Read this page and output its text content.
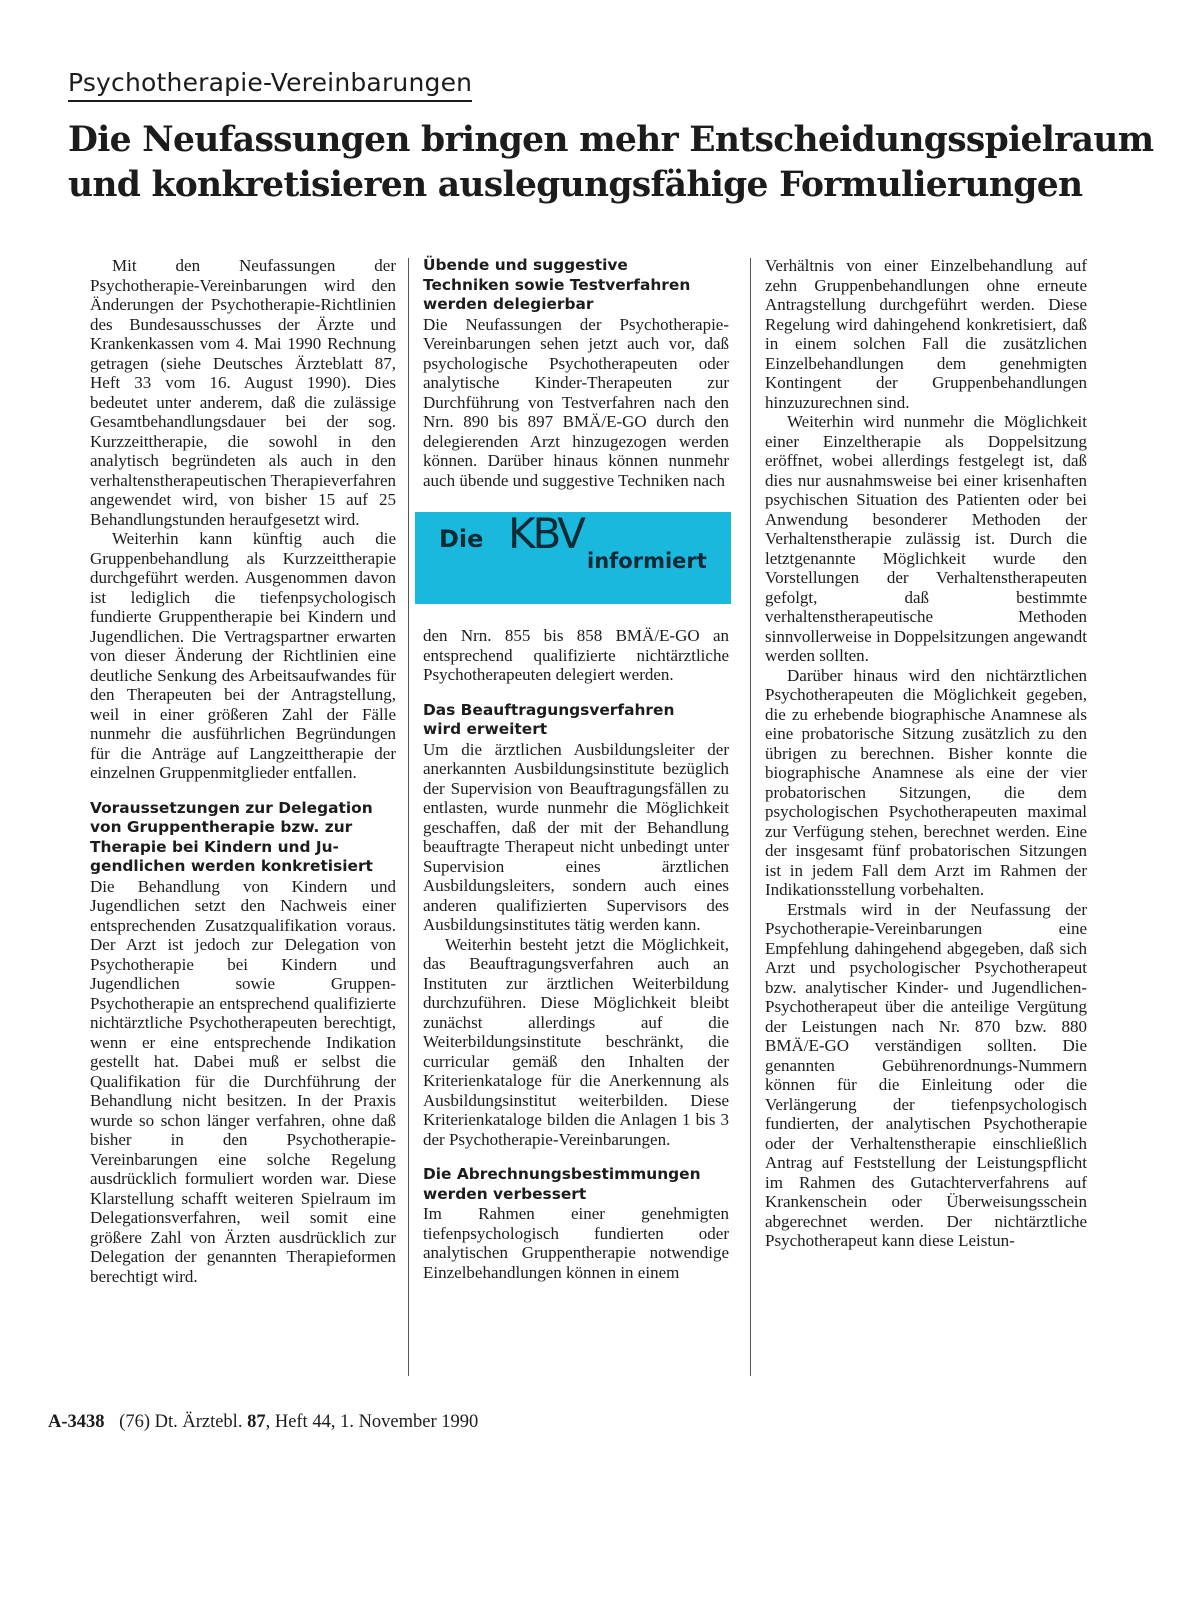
Psychotherapie-Vereinbarungen
Die Neufassungen bringen mehr Entscheidungsspielraum
und konkretisieren auslegungsfähige Formulierungen

Mit den Neufassungen der Psychotherapie-Vereinbarungen wird den Änderungen der Psychotherapie-Richtlinien des Bundesausschusses der Ärzte und Krankenkassen vom 4. Mai 1990 Rechnung getragen (siehe Deutsches Ärzteblatt 87, Heft 33 vom 16. August 1990). Dies bedeutet unter anderem, daß die zulässige Gesamtbehandlungsdauer bei der sog. Kurzzeittherapie, die sowohl in den analytisch begründeten als auch in den verhaltenstherapeutischen Therapieverfahren angewendet wird, von bisher 15 auf 25 Behandlungstunden heraufgesetzt wird.

Weiterhin kann künftig auch die Gruppenbehandlung als Kurzzeittherapie durchgeführt werden. Ausgenommen davon ist lediglich die tiefenpsychologisch fundierte Gruppentherapie bei Kindern und Jugendlichen. Die Vertragspartner erwarten von dieser Änderung der Richtlinien eine deutliche Senkung des Arbeitsaufwandes für den Therapeuten bei der Antragstellung, weil in einer größeren Zahl der Fälle nunmehr die ausführlichen Begründungen für die Anträge auf Langzeittherapie der einzelnen Gruppenmitglieder entfallen.

Voraussetzungen zur Delegation
von Gruppentherapie bzw. zur
Therapie bei Kindern und Ju-
gendlichen werden konkretisiert

Die Behandlung von Kindern und Jugendlichen setzt den Nachweis einer entsprechenden Zusatzqualifikation voraus. Der Arzt ist jedoch zur Delegation von Psychotherapie bei Kindern und Jugendlichen sowie Gruppen-Psychotherapie an entsprechend qualifizierte nichtärztliche Psychotherapeuten berechtigt, wenn er eine entsprechende Indikation gestellt hat. Dabei muß er selbst die Qualifikation für die Durchführung der Behandlung nicht besitzen. In der Praxis wurde so schon länger verfahren, ohne daß bisher in den Psychotherapie-Vereinbarungen eine solche Regelung ausdrücklich formuliert worden war. Diese Klarstellung schafft weiteren Spielraum im Delegationsverfahren, weil somit eine größere Zahl von Ärzten ausdrücklich zur Delegation der genannten Therapieformen berechtigt wird.

Übende und suggestive
Techniken sowie Testverfahren
werden delegierbar

Die Neufassungen der Psychotherapie-Vereinbarungen sehen jetzt auch vor, daß psychologische Psychotherapeuten oder analytische Kinder-Therapeuten zur Durchführung von Testverfahren nach den Nrn. 890 bis 897 BMÄ/E-GO durch den delegierenden Arzt hinzugezogen werden können. Darüber hinaus können nunmehr auch übende und suggestive Techniken nach

Die KBV
informiert

den Nrn. 855 bis 858 BMÄ/E-GO an entsprechend qualifizierte nichtärztliche Psychotherapeuten delegiert werden.

Das Beauftragungsverfahren
wird erweitert

Um die ärztlichen Ausbildungsleiter der anerkannten Ausbildungsinstitute bezüglich der Supervision von Beauftragungsfällen zu entlasten, wurde nunmehr die Möglichkeit geschaffen, daß der mit der Behandlung beauftragte Therapeut nicht unbedingt unter Supervision eines ärztlichen Ausbildungsleiters, sondern auch eines anderen qualifizierten Supervisors des Ausbildungsinstitutes tätig werden kann.

Weiterhin besteht jetzt die Möglichkeit, das Beauftragungsverfahren auch an Instituten zur ärztlichen Weiterbildung durchzuführen. Diese Möglichkeit bleibt zunächst allerdings auf die Weiterbildungsinstitute beschränkt, die curricular gemäß den Inhalten der Kriterienkataloge für die Anerkennung als Ausbildungsinstitut weiterbilden. Diese Kriterienkataloge bilden die Anlagen 1 bis 3 der Psychotherapie-Vereinbarungen.

Die Abrechnungsbestimmungen
werden verbessert

Im Rahmen einer genehmigten tiefenpsychologisch fundierten oder analytischen Gruppentherapie notwendige Einzelbehandlungen können in einem

Verhältnis von einer Einzelbehandlung auf zehn Gruppenbehandlungen ohne erneute Antragstellung durchgeführt werden. Diese Regelung wird dahingehend konkretisiert, daß in einem solchen Fall die zusätzlichen Einzelbehandlungen dem genehmigten Kontingent der Gruppenbehandlungen hinzuzurechnen sind.

Weiterhin wird nunmehr die Möglichkeit einer Einzeltherapie als Doppelsitzung eröffnet, wobei allerdings festgelegt ist, daß dies nur ausnahmsweise bei einer krisenhaften psychischen Situation des Patienten oder bei Anwendung besonderer Methoden der Verhaltenstherapie zulässig ist. Durch die letztgenannte Möglichkeit wurde den Vorstellungen der Verhaltenstherapeuten gefolgt, daß bestimmte verhaltenstherapeutische Methoden sinnvollerweise in Doppelsitzungen angewandt werden sollten.

Darüber hinaus wird den nichtärztlichen Psychotherapeuten die Möglichkeit gegeben, die zu erhebende biographische Anamnese als eine probatorische Sitzung zusätzlich zu den übrigen zu berechnen. Bisher konnte die biographische Anamnese als eine der vier probatorischen Sitzungen, die dem psychologischen Psychotherapeuten maximal zur Verfügung stehen, berechnet werden. Eine der insgesamt fünf probatorischen Sitzungen ist in jedem Fall dem Arzt im Rahmen der Indikationsstellung vorbehalten.

Erstmals wird in der Neufassung der Psychotherapie-Vereinbarungen eine Empfehlung dahingehend abgegeben, daß sich Arzt und psychologischer Psychotherapeut bzw. analytischer Kinder- und Jugendlichen-Psychotherapeut über die anteilige Vergütung der Leistungen nach Nr. 870 bzw. 880 BMÄ/E-GO verständigen sollten. Die genannten Gebührenordnungs-Nummern können für die Einleitung oder die Verlängerung der tiefenpsychologisch fundierten, der analytischen Psychotherapie oder der Verhaltenstherapie einschließlich Antrag auf Feststellung der Leistungspflicht im Rahmen des Gutachterverfahrens auf Krankenschein oder Überweisungsschein abgerechnet werden. Der nichtärztliche Psychotherapeut kann diese Leistun-

A-3438 (76) Dt. Ärztebl. 87, Heft 44, 1. November 1990
